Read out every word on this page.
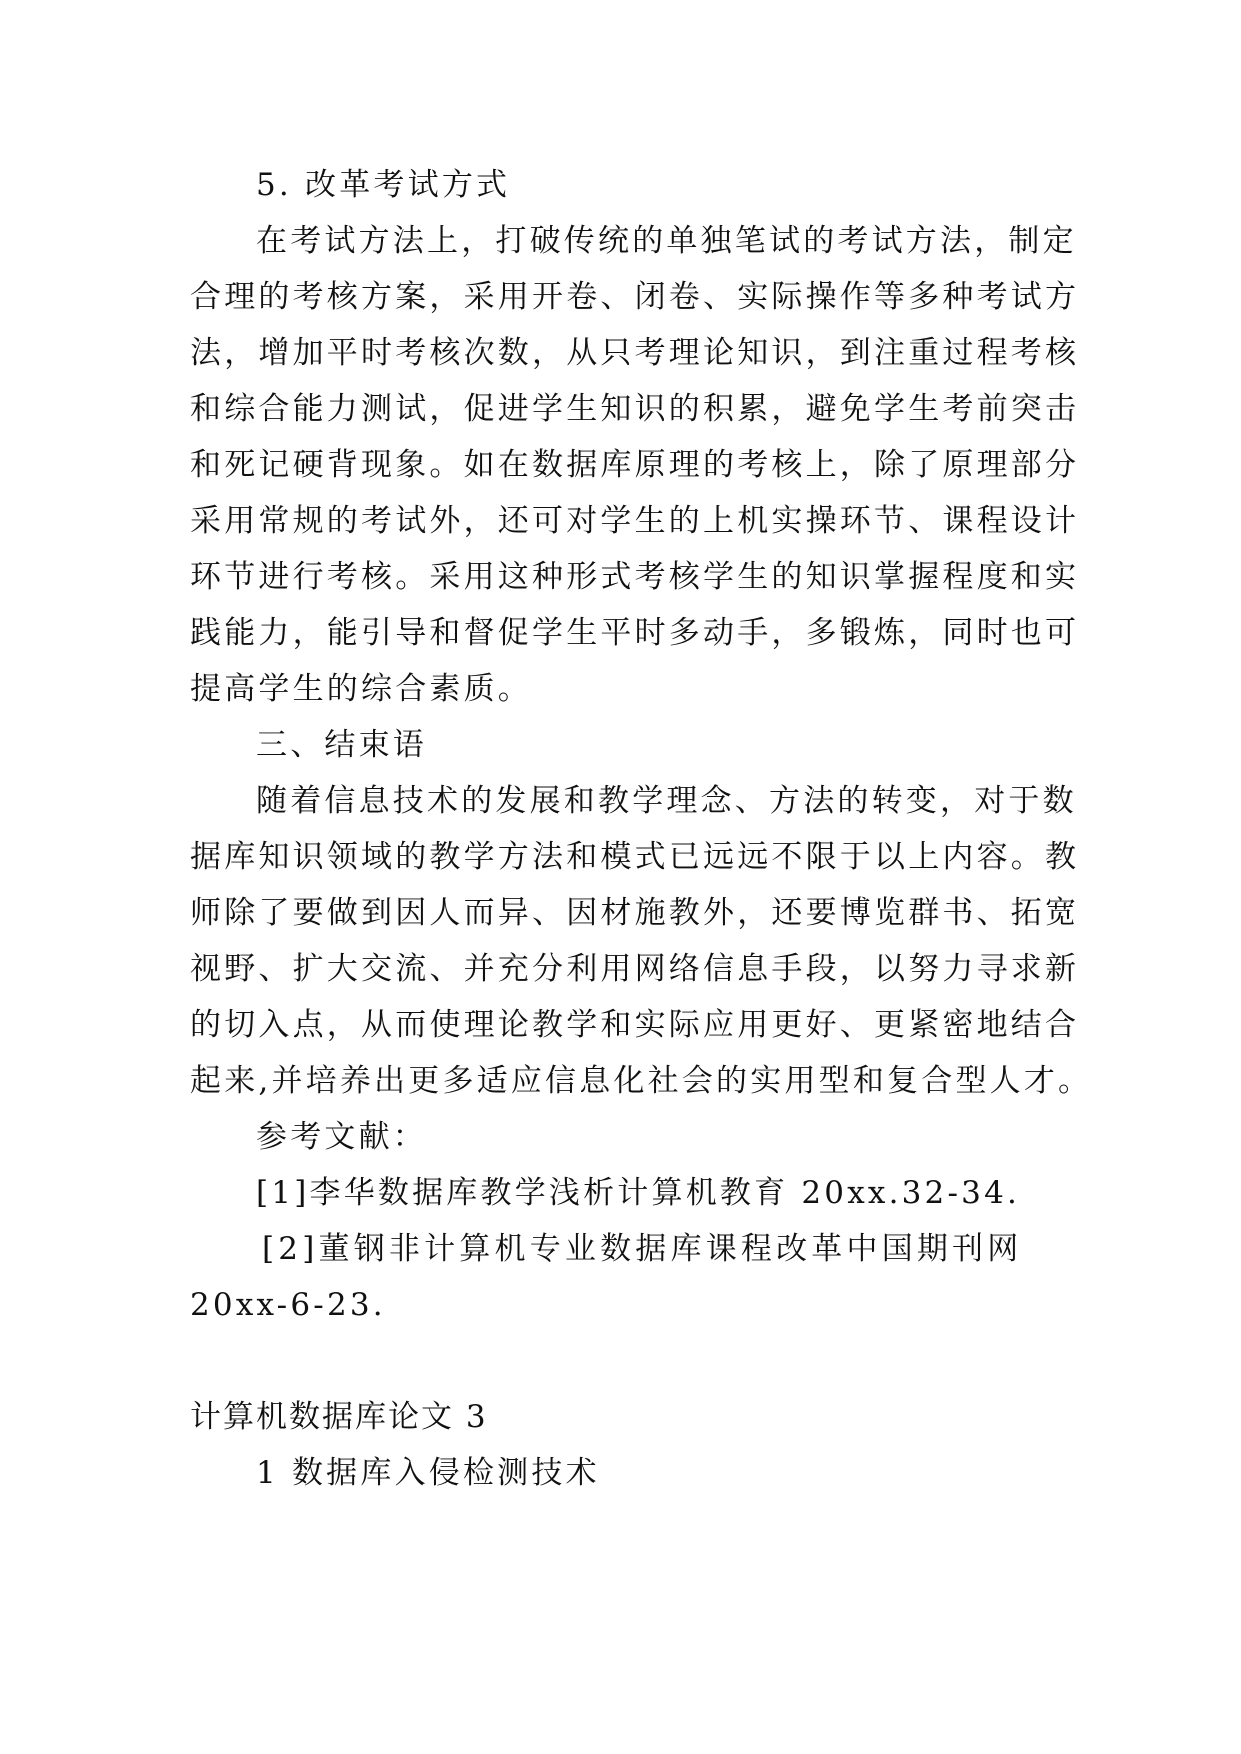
5. 改革考试方式
在考试方法上，打破传统的单独笔试的考试方法，制定
合理的考核方案，采用开卷、闭卷、实际操作等多种考试方
法，增加平时考核次数，从只考理论知识，到注重过程考核
和综合能力测试，促进学生知识的积累，避免学生考前突击
和死记硬背现象。如在数据库原理的考核上，除了原理部分
采用常规的考试外，还可对学生的上机实操环节、课程设计
环节进行考核。采用这种形式考核学生的知识掌握程度和实
践能力，能引导和督促学生平时多动手，多锻炼，同时也可
提高学生的综合素质。
三、结束语
随着信息技术的发展和教学理念、方法的转变，对于数
据库知识领域的教学方法和模式已远远不限于以上内容。教
师除了要做到因人而异、因材施教外，还要博览群书、拓宽
视野、扩大交流、并充分利用网络信息手段，以努力寻求新
的切入点，从而使理论教学和实际应用更好、更紧密地结合
起来,并培养出更多适应信息化社会的实用型和复合型人才。
参考文献：
[1]李华数据库教学浅析计算机教育 20xx.32-34.
[2]董钢非计算机专业数据库课程改革中国期刊网
20xx-6-23.
计算机数据库论文 3
1 数据库入侵检测技术
